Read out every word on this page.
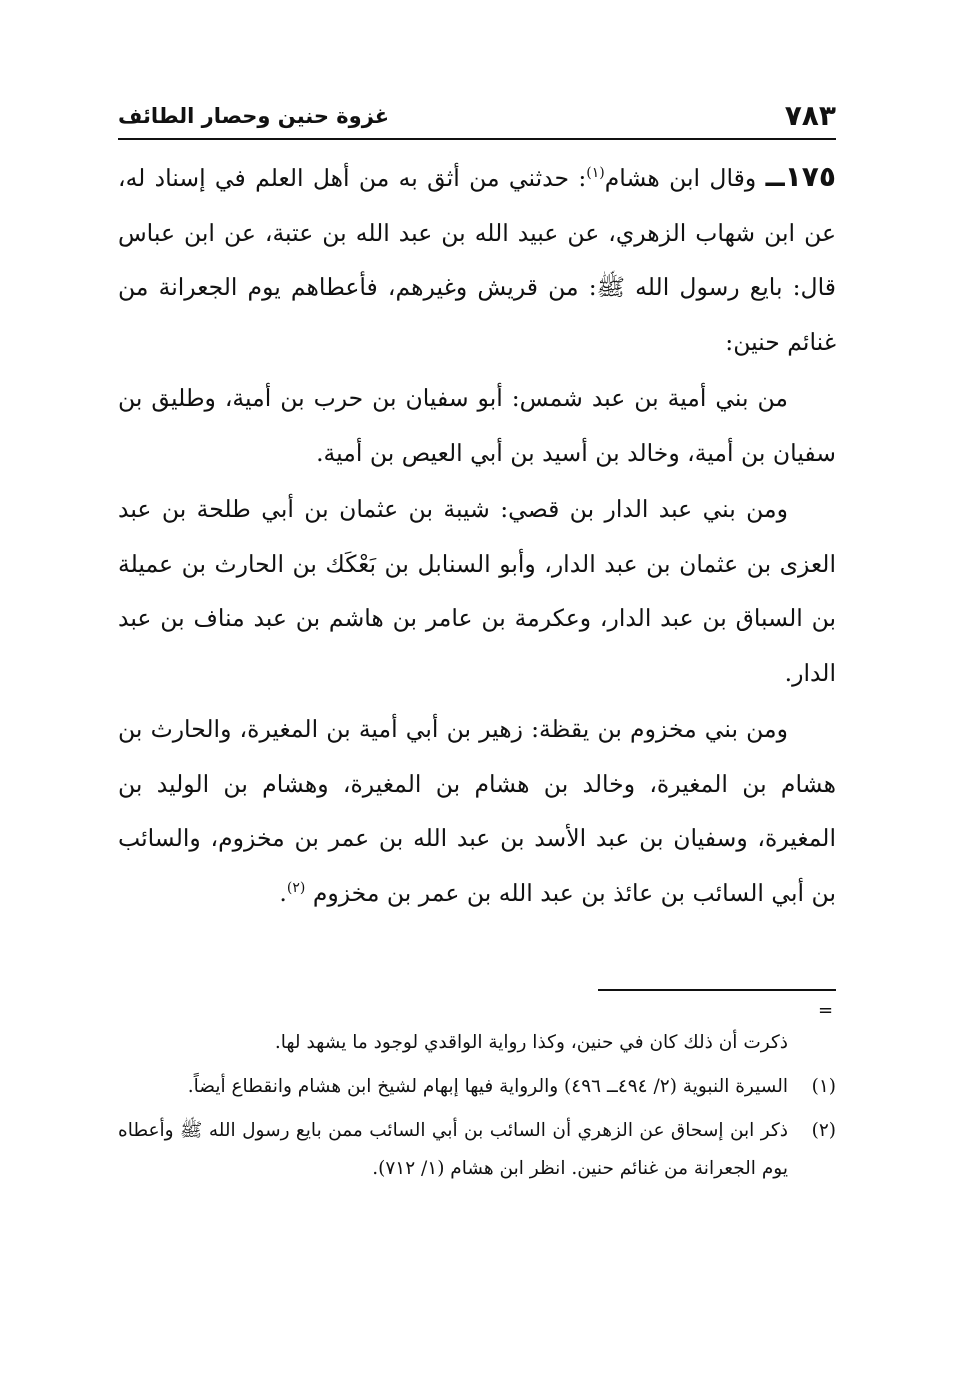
٧٨٣
غزوة حنين وحصار الطائف

١٧٥ــ وقال ابن هشام$^{(١)}$: حدثني من أثق به من أهل العلم في إسناد له، عن ابن شهاب الزهري، عن عبيد الله بن عبد الله بن عتبة، عن ابن عباس قال: بايع رسول الله ﷺ: من قريش وغيرهم، فأعطاهم يوم الجعرانة من غنائم حنين:

من بني أمية بن عبد شمس: أبو سفيان بن حرب بن أمية، وطليق بن سفيان بن أمية، وخالد بن أسيد بن أبي العيص بن أمية.

ومن بني عبد الدار بن قصي: شيبة بن عثمان بن أبي طلحة بن عبد العزى بن عثمان بن عبد الدار، وأبو السنابل بن بَعْكَك بن الحارث بن عميلة بن السباق بن عبد الدار، وعكرمة بن عامر بن هاشم بن عبد مناف بن عبد الدار.

ومن بني مخزوم بن يقظة: زهير بن أبي أمية بن المغيرة، والحارث بن هشام بن المغيرة، وخالد بن هشام بن المغيرة، وهشام بن الوليد بن المغيرة، وسفيان بن عبد الأسد بن عبد الله بن عمر بن مخزوم، والسائب بن أبي السائب بن عائذ بن عبد الله بن عمر بن مخزوم $^{(٢)}$.

=
ذكرت أن ذلك كان في حنين، وكذا رواية الواقدي لوجود ما يشهد لها.
(١)
السيرة النبوية (٢/ ٤٩٤ــ ٤٩٦) والرواية فيها إبهام لشيخ ابن هشام وانقطاع أيضاً.
(٢)
ذكر ابن إسحاق عن الزهري أن السائب بن أبي السائب ممن بايع رسول الله ﷺ وأعطاه يوم الجعرانة من غنائم حنين. انظر ابن هشام (١/ ٧١٢).
